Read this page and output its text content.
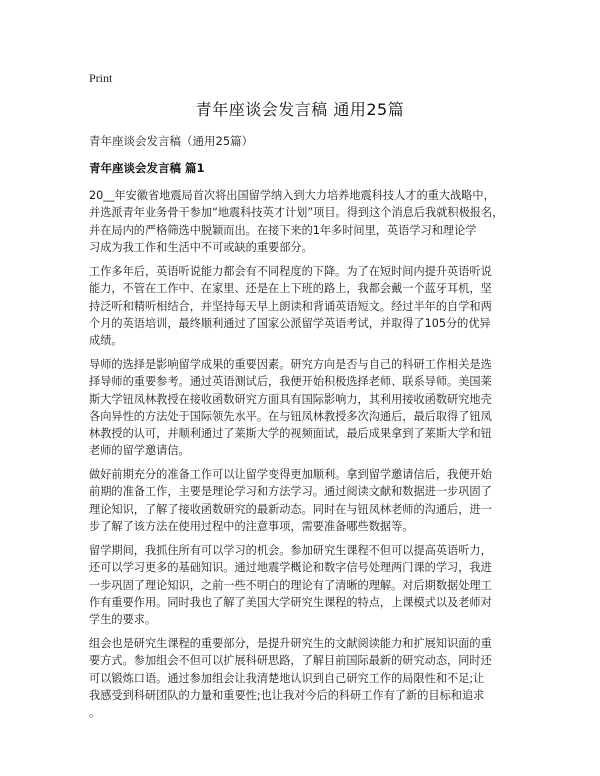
Print
青年座谈会发言稿 通用25篇
青年座谈会发言稿（通用25篇）
青年座谈会发言稿 篇1

20__年安徽省地震局首次将出国留学纳入到大力培养地震科技人才的重大战略中，
并选派青年业务骨干参加“地震科技英才计划”项目。得到这个消息后我就积极报名，
并在局内的严格筛选中脱颖而出。在接下来的1年多时间里，英语学习和理论学
习成为我工作和生活中不可或缺的重要部分。

工作多年后，英语听说能力都会有不同程度的下降。为了在短时间内提升英语听说
能力，不管在工作中、在家里、还是在上下班的路上，我都会戴一个蓝牙耳机，坚
持泛听和精听相结合，并坚持每天早上朗读和背诵英语短文。经过半年的自学和两
个月的英语培训，最终顺利通过了国家公派留学英语考试，并取得了105分的优异
成绩。

导师的选择是影响留学成果的重要因素。研究方向是否与自己的科研工作相关是选
择导师的重要参考。通过英语测试后，我便开始积极选择老师、联系导师。美国莱
斯大学钮凤林教授在接收函数研究方面具有国际影响力，其利用接收函数研究地壳
各向异性的方法处于国际领先水平。在与钮凤林教授多次沟通后，最后取得了钮凤
林教授的认可，并顺利通过了莱斯大学的视频面试，最后成果拿到了莱斯大学和钮
老师的留学邀请信。

做好前期充分的准备工作可以让留学变得更加顺利。拿到留学邀请信后，我便开始
前期的准备工作，主要是理论学习和方法学习。通过阅读文献和数据进一步巩固了
理论知识，了解了接收函数研究的最新动态。同时在与钮凤林老师的沟通后，进一
步了解了该方法在使用过程中的注意事项，需要准备哪些数据等。

留学期间，我抓住所有可以学习的机会。参加研究生课程不但可以提高英语听力，
还可以学习更多的基础知识。通过地震学概论和数字信号处理两门课的学习，我进
一步巩固了理论知识，之前一些不明白的理论有了清晰的理解。对后期数据处理工
作有重要作用。同时我也了解了美国大学研究生课程的特点，上课模式以及老师对
学生的要求。

组会也是研究生课程的重要部分，是提升研究生的文献阅读能力和扩展知识面的重
要方式。参加组会不但可以扩展科研思路，了解目前国际最新的研究动态，同时还
可以锻炼口语。通过参加组会让我清楚地认识到自己研究工作的局限性和不足;让
我感受到科研团队的力量和重要性;也让我对今后的科研工作有了新的目标和追求
。
